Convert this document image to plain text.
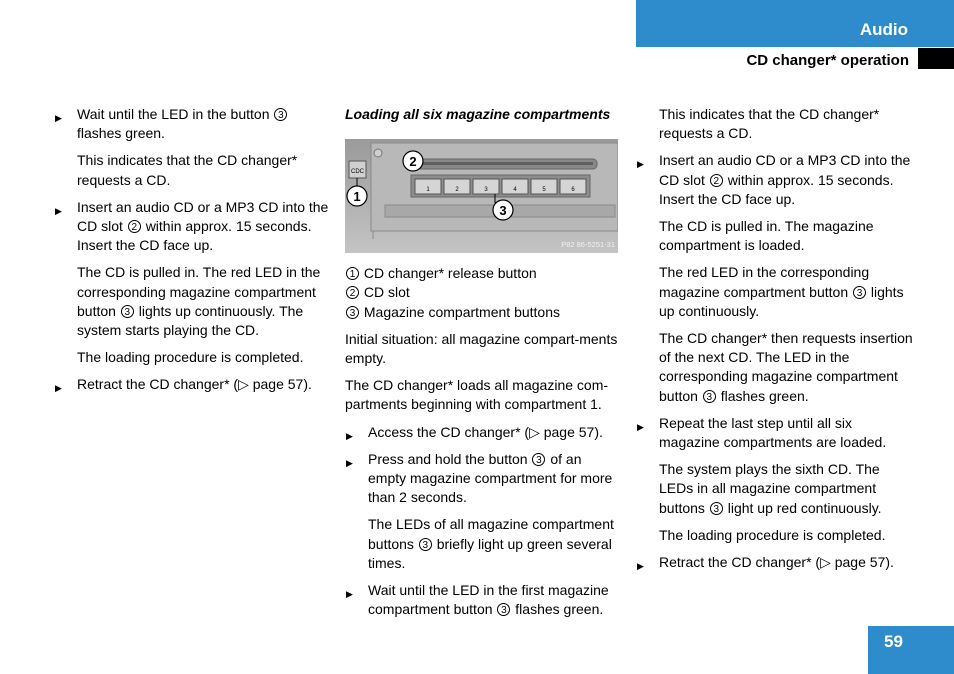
Audio
CD changer* operation

▶ Wait until the LED in the button 3 flashes green.

This indicates that the CD changer* requests a CD.

▶ Insert an audio CD or a MP3 CD into the CD slot 2 within approx. 15 seconds. Insert the CD face up.

The CD is pulled in. The red LED in the corresponding magazine compartment button 3 lights up continuously. The system starts playing the CD.

The loading procedure is completed.

▶ Retract the CD changer* (▷ page 57).

Loading all six magazine compartments

CDC
1	2	3	4	5	6
1
2
3
P82 86-5251-31

1 CD changer* release button

2 CD slot

3 Magazine compartment buttons

Initial situation: all magazine compart-ments empty.

The CD changer* loads all magazine com-partments beginning with compartment 1.

▶ Access the CD changer* (▷ page 57).

▶ Press and hold the button 3 of an empty magazine compartment for more than 2 seconds.

The LEDs of all magazine compartment buttons 3 briefly light up green several times.

▶ Wait until the LED in the first magazine compartment button 3 flashes green.

This indicates that the CD changer* requests a CD.

▶ Insert an audio CD or a MP3 CD into the CD slot 2 within approx. 15 seconds. Insert the CD face up.

The CD is pulled in. The magazine compartment is loaded.

The red LED in the corresponding magazine compartment button 3 lights up continuously.

The CD changer* then requests insertion of the next CD. The LED in the corresponding magazine compartment button 3 flashes green.

▶ Repeat the last step until all six magazine compartments are loaded.

The system plays the sixth CD. The LEDs in all magazine compartment buttons 3 light up red continuously.

The loading procedure is completed.

▶ Retract the CD changer* (▷ page 57).

59
